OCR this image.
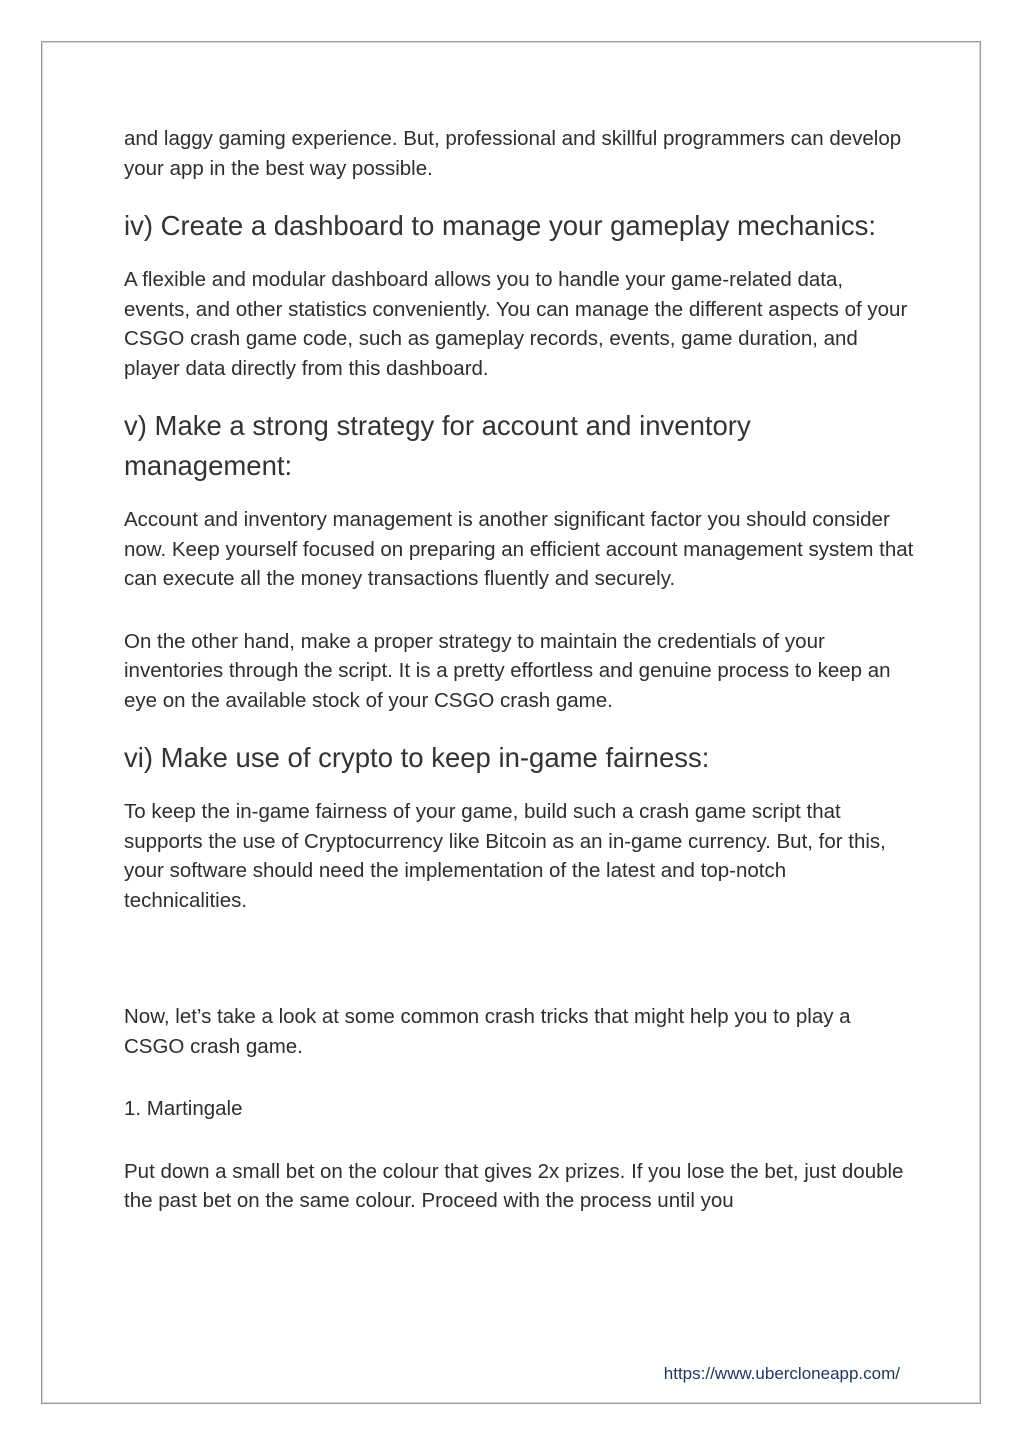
and laggy gaming experience. But, professional and skillful programmers can develop your app in the best way possible.

iv) Create a dashboard to manage your gameplay mechanics:

A flexible and modular dashboard allows you to handle your game-related data, events, and other statistics conveniently. You can manage the different aspects of your CSGO crash game code, such as gameplay records, events, game duration, and player data directly from this dashboard.

v) Make a strong strategy for account and inventory management:

Account and inventory management is another significant factor you should consider now. Keep yourself focused on preparing an efficient account management system that can execute all the money transactions fluently and securely.

On the other hand, make a proper strategy to maintain the credentials of your inventories through the script. It is a pretty effortless and genuine process to keep an eye on the available stock of your CSGO crash game.

vi) Make use of crypto to keep in-game fairness:

To keep the in-game fairness of your game, build such a crash game script that supports the use of Cryptocurrency like Bitcoin as an in-game currency. But, for this, your software should need the implementation of the latest and top-notch technicalities.

Now, let’s take a look at some common crash tricks that might help you to play a CSGO crash game.

1. Martingale

Put down a small bet on the colour that gives 2x prizes. If you lose the bet, just double the past bet on the same colour. Proceed with the process until you

https://www.ubercloneapp.com/
